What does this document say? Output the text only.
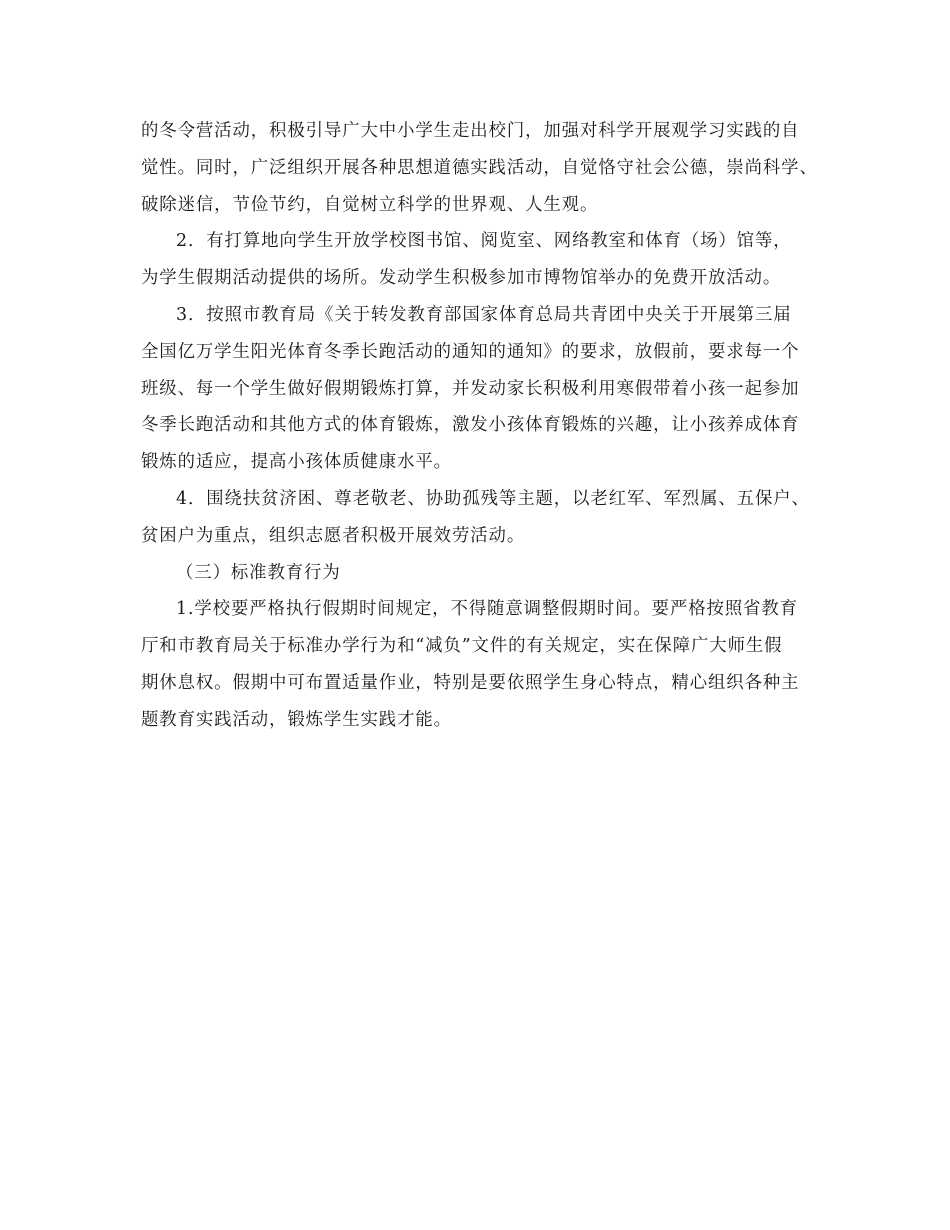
的冬令营活动，积极引导广大中小学生走出校门，加强对科学开展观学习实践的自
觉性。同时，广泛组织开展各种思想道德实践活动，自觉恪守社会公德，崇尚科学、
破除迷信，节俭节约，自觉树立科学的世界观、人生观。
2．有打算地向学生开放学校图书馆、阅览室、网络教室和体育（场）馆等，
为学生假期活动提供的场所。发动学生积极参加市博物馆举办的免费开放活动。
3．按照市教育局《关于转发教育部国家体育总局共青团中央关于开展第三届
全国亿万学生阳光体育冬季长跑活动的通知的通知》的要求，放假前，要求每一个
班级、每一个学生做好假期锻炼打算，并发动家长积极利用寒假带着小孩一起参加
冬季长跑活动和其他方式的体育锻炼，激发小孩体育锻炼的兴趣，让小孩养成体育
锻炼的适应，提高小孩体质健康水平。
4．围绕扶贫济困、尊老敬老、协助孤残等主题，以老红军、军烈属、五保户、
贫困户为重点，组织志愿者积极开展效劳活动。
（三）标准教育行为
1.学校要严格执行假期时间规定，不得随意调整假期时间。要严格按照省教育
厅和市教育局关于标准办学行为和“减负”文件的有关规定，实在保障广大师生假
期休息权。假期中可布置适量作业，特别是要依照学生身心特点，精心组织各种主
题教育实践活动，锻炼学生实践才能。
